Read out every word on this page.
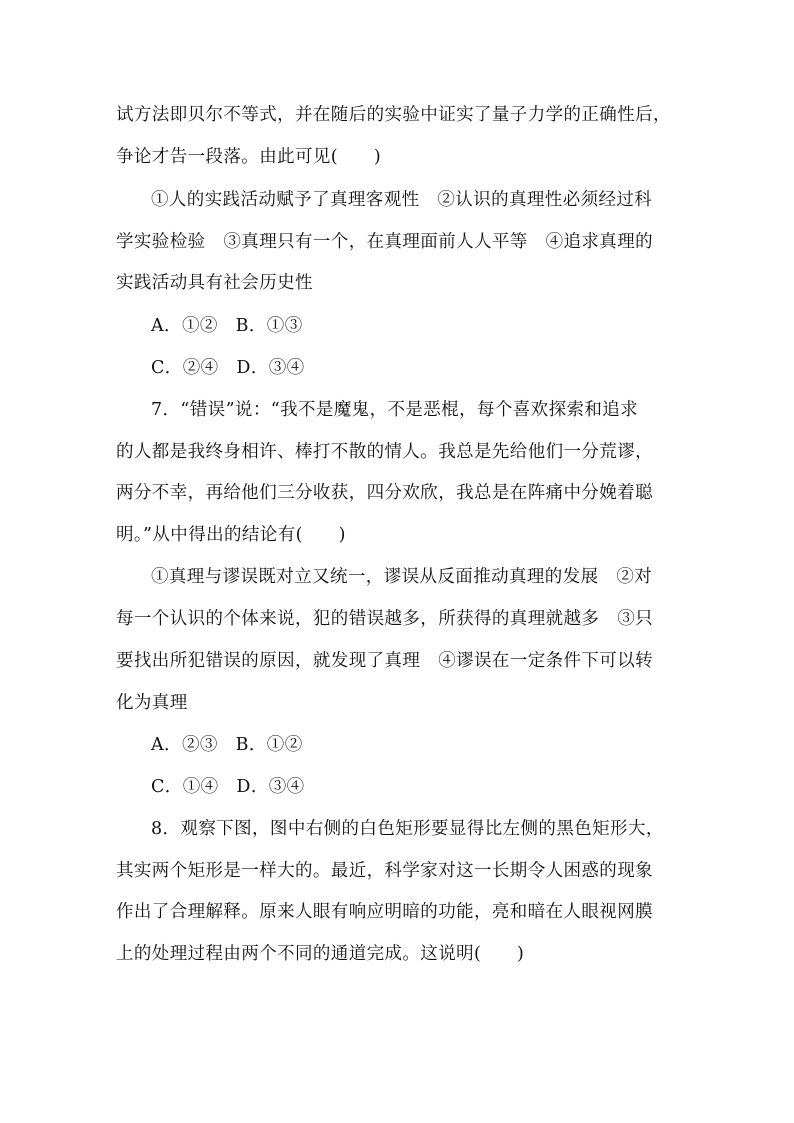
试方法即贝尔不等式，并在随后的实验中证实了量子力学的正确性后，
争论才告一段落。由此可见(　　)
①人的实践活动赋予了真理客观性　②认识的真理性必须经过科
学实验检验　③真理只有一个，在真理面前人人平等　④追求真理的
实践活动具有社会历史性
A．①②　B．①③
C．②④　D．③④
7．“错误”说：“我不是魔鬼，不是恶棍，每个喜欢探索和追求
的人都是我终身相许、棒打不散的情人。我总是先给他们一分荒谬，
两分不幸，再给他们三分收获，四分欢欣，我总是在阵痛中分娩着聪
明。”从中得出的结论有(　　)
①真理与谬误既对立又统一，谬误从反面推动真理的发展　②对
每一个认识的个体来说，犯的错误越多，所获得的真理就越多　③只
要找出所犯错误的原因，就发现了真理　④谬误在一定条件下可以转
化为真理
A．②③　B．①②
C．①④　D．③④
8．观察下图，图中右侧的白色矩形要显得比左侧的黑色矩形大，
其实两个矩形是一样大的。最近，科学家对这一长期令人困惑的现象
作出了合理解释。原来人眼有响应明暗的功能，亮和暗在人眼视网膜
上的处理过程由两个不同的通道完成。这说明(　　)
